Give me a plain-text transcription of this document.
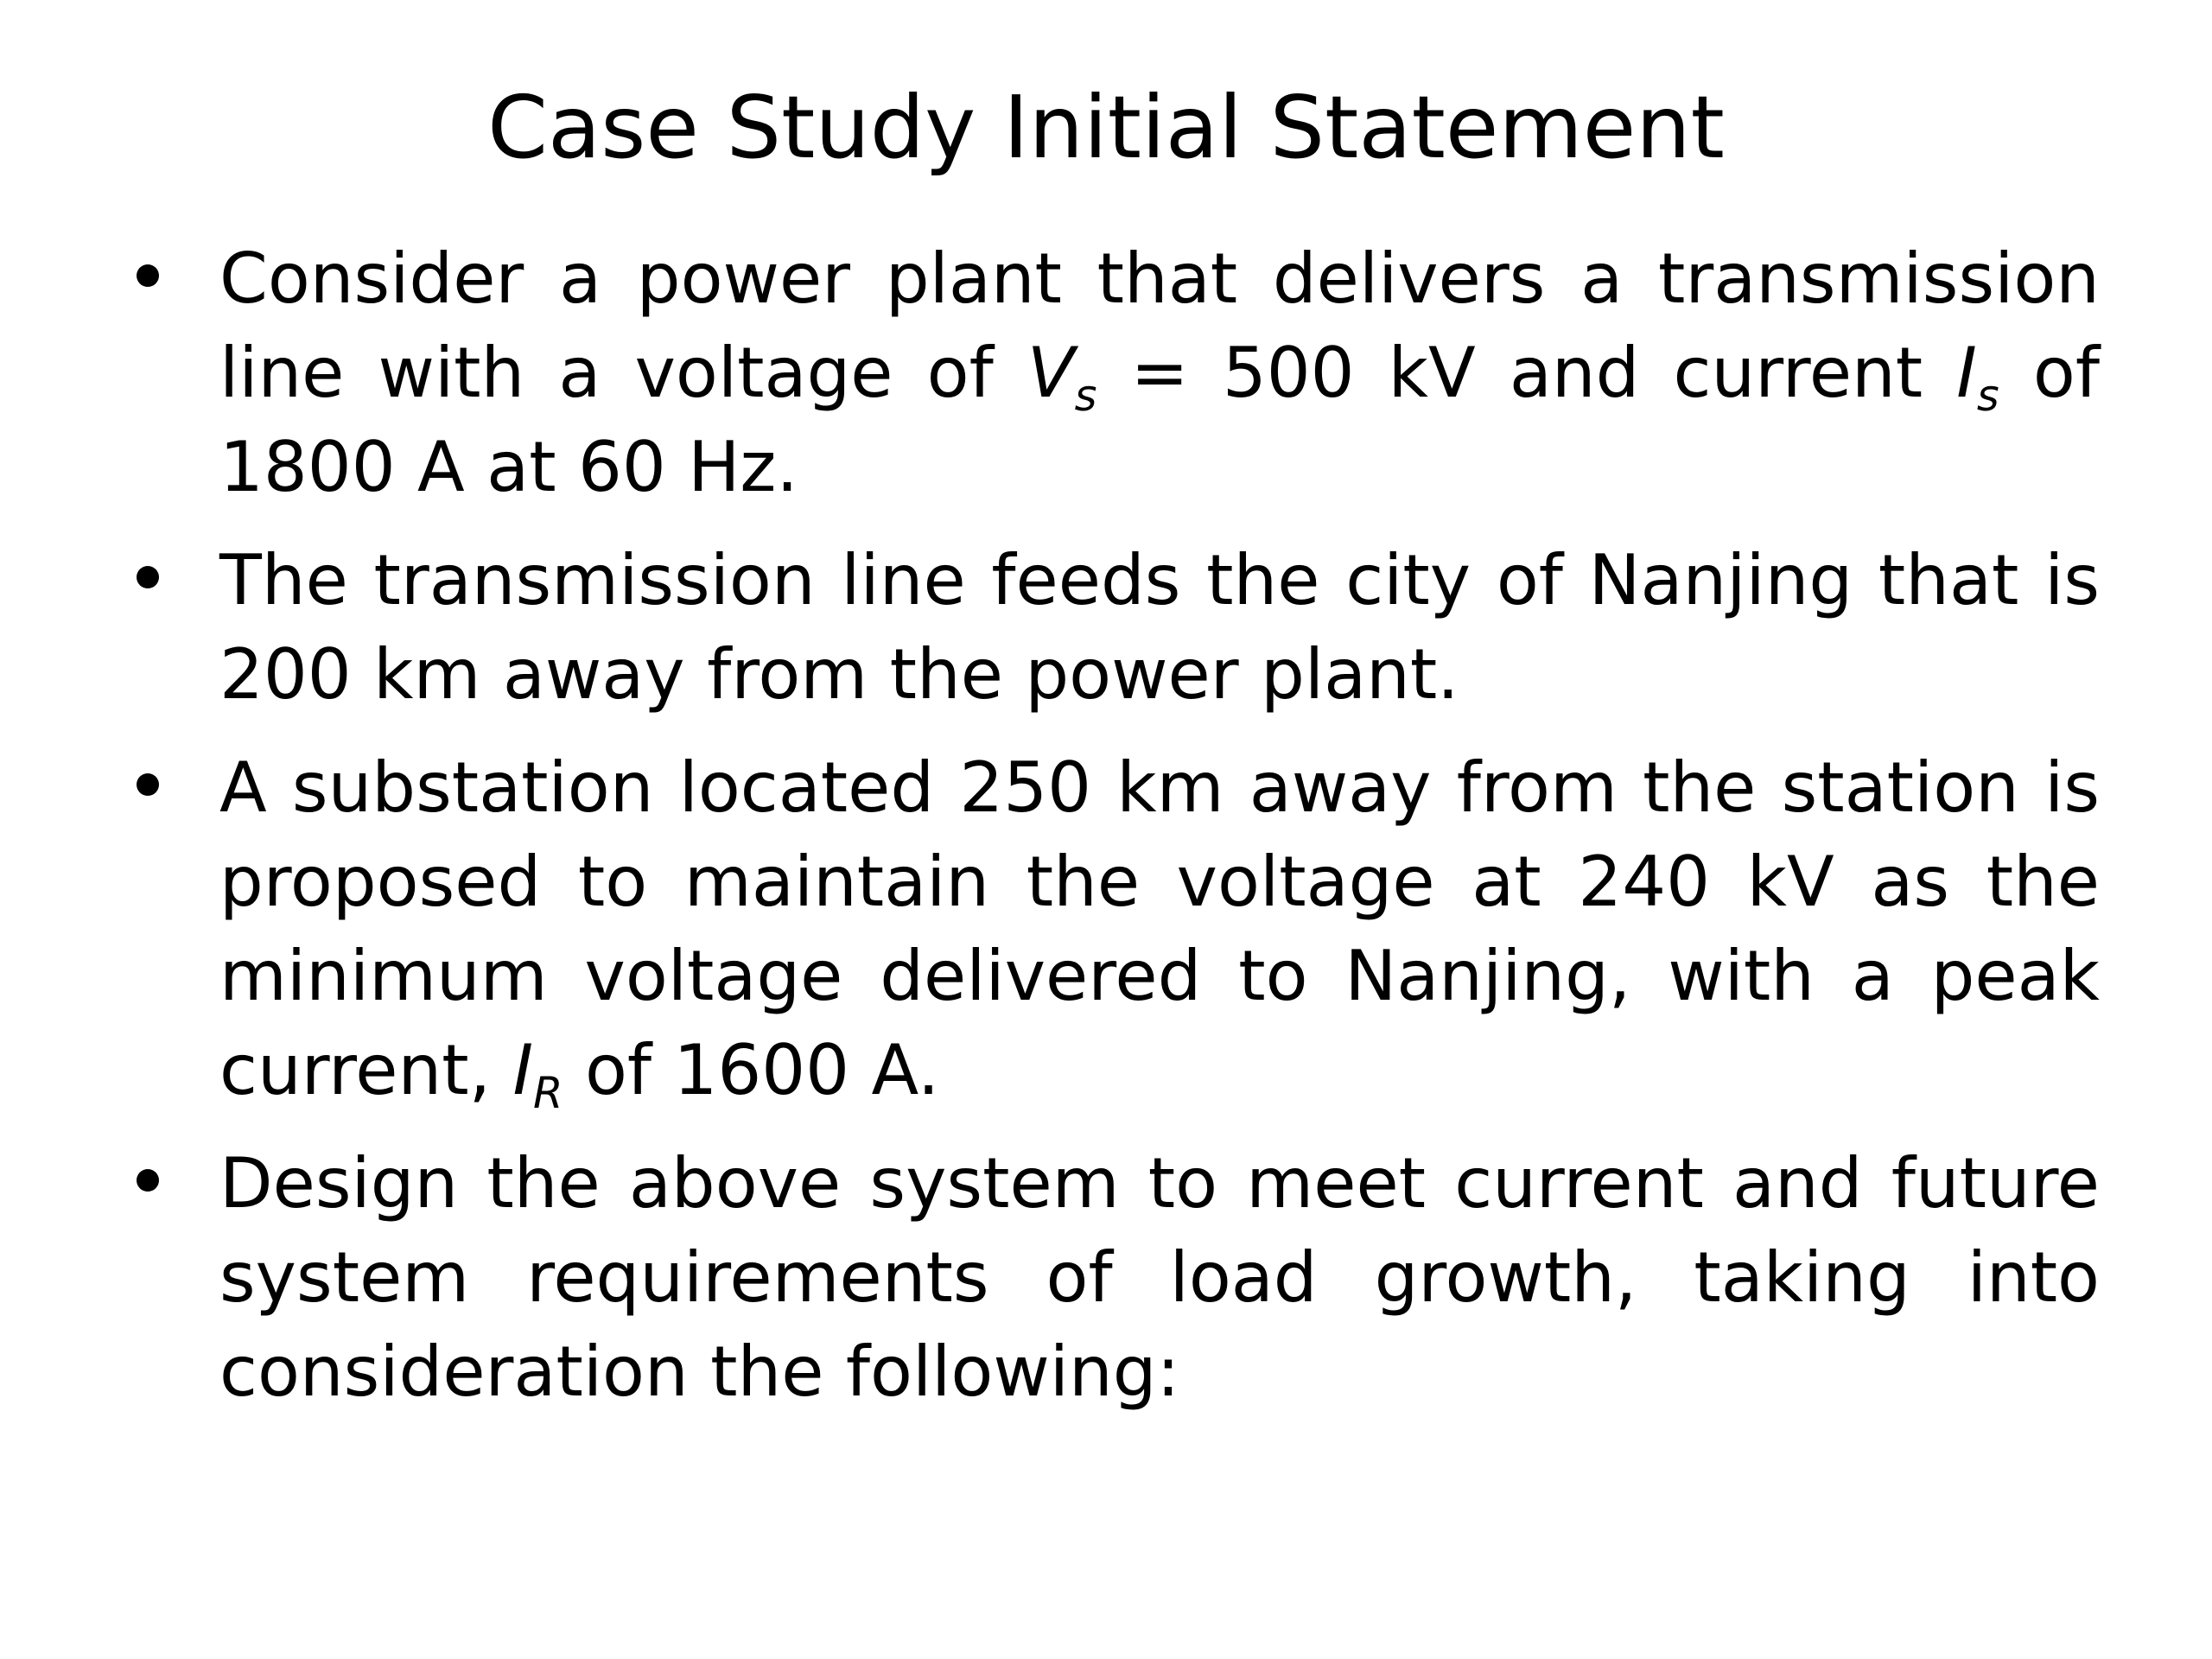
Case Study Initial Statement
Consider a power plant that delivers a transmission line with a voltage of Vs = 500 kV and current Is of 1800 A at 60 Hz.
The transmission line feeds the city of Nanjing that is 200 km away from the power plant.
A substation located 250 km away from the station is proposed to maintain the voltage at 240 kV as the minimum voltage delivered to Nanjing, with a peak current, IR of 1600 A.
Design the above system to meet current and future system requirements of load growth, taking into consideration the following:
